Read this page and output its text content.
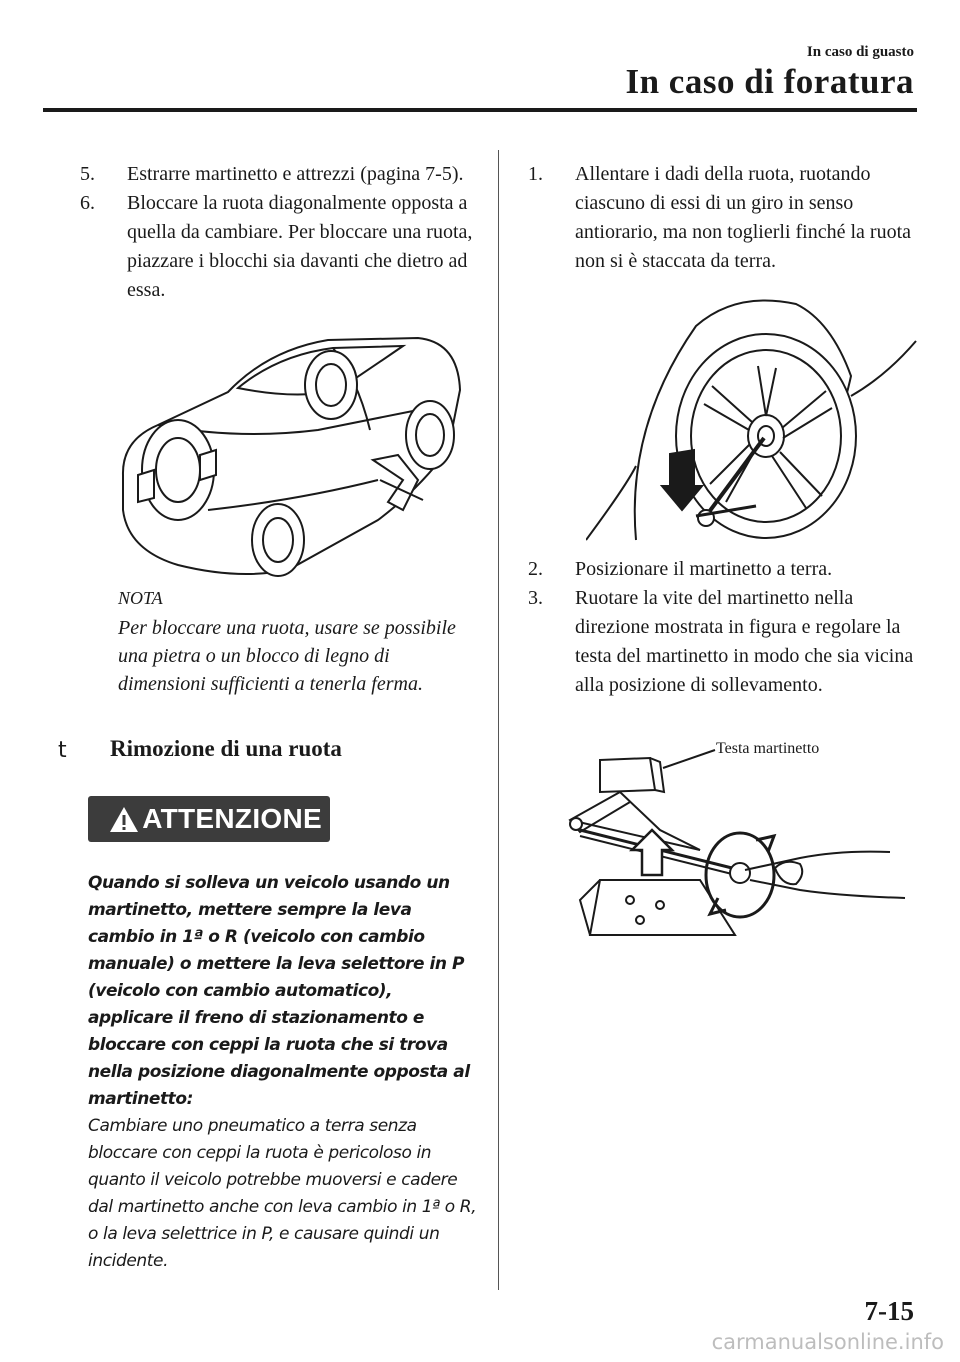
In caso di guasto
In caso di foratura

5. Estrarre martinetto e attrezzi (pagina 7-5).

6. Bloccare la ruota diagonalmente opposta a quella da cambiare. Per bloccare una ruota, piazzare i blocchi sia davanti che dietro ad essa.

NOTA
Per bloccare una ruota, usare se possibile una pietra o un blocco di legno di dimensioni sufficienti a tenerla ferma.
t Rimozione di una ruota
ATTENZIONE
Quando si solleva un veicolo usando un martinetto, mettere sempre la leva cambio in 1ª o R (veicolo con cambio manuale) o mettere la leva selettore in P (veicolo con cambio automatico), applicare il freno di stazionamento e bloccare con ceppi la ruota che si trova nella posizione diagonalmente opposta al martinetto:
Cambiare uno pneumatico a terra senza bloccare con ceppi la ruota è pericoloso in quanto il veicolo potrebbe muoversi e cadere dal martinetto anche con leva cambio in 1ª o R, o la leva selettrice in P, e causare quindi un incidente.

1. Allentare i dadi della ruota, ruotando ciascuno di essi di un giro in senso antiorario, ma non toglierli finché la ruota non si è staccata da terra.

2. Posizionare il martinetto a terra.

3. Ruotare la vite del martinetto nella direzione mostrata in figura e regolare la testa del martinetto in modo che sia vicina alla posizione di sollevamento.

Testa martinetto
7-15
carmanualsonline.info
